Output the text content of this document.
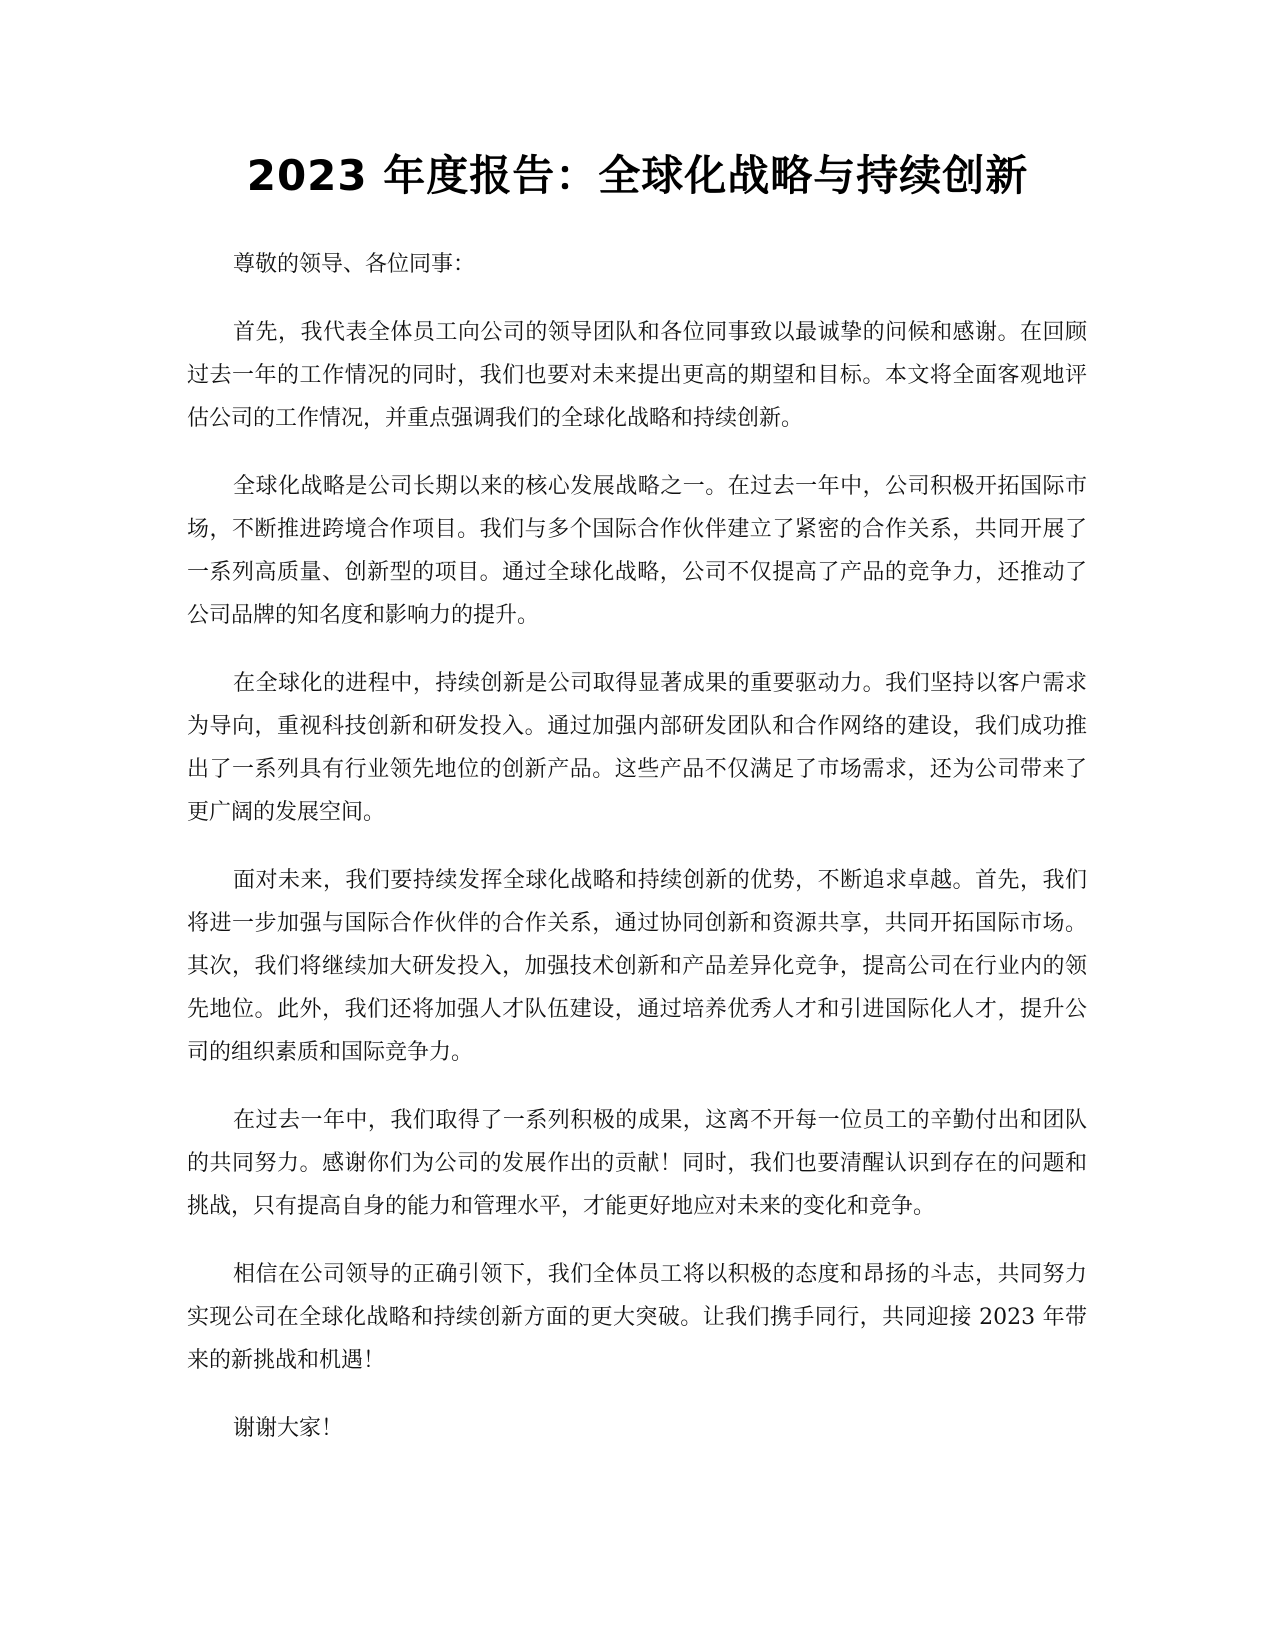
2023 年度报告：全球化战略与持续创新

尊敬的领导、各位同事：

首先，我代表全体员工向公司的领导团队和各位同事致以最诚挚的问候和感谢。在回顾过去一年的工作情况的同时，我们也要对未来提出更高的期望和目标。本文将全面客观地评估公司的工作情况，并重点强调我们的全球化战略和持续创新。

全球化战略是公司长期以来的核心发展战略之一。在过去一年中，公司积极开拓国际市场，不断推进跨境合作项目。我们与多个国际合作伙伴建立了紧密的合作关系，共同开展了一系列高质量、创新型的项目。通过全球化战略，公司不仅提高了产品的竞争力，还推动了公司品牌的知名度和影响力的提升。

在全球化的进程中，持续创新是公司取得显著成果的重要驱动力。我们坚持以客户需求为导向，重视科技创新和研发投入。通过加强内部研发团队和合作网络的建设，我们成功推出了一系列具有行业领先地位的创新产品。这些产品不仅满足了市场需求，还为公司带来了更广阔的发展空间。

面对未来，我们要持续发挥全球化战略和持续创新的优势，不断追求卓越。首先，我们将进一步加强与国际合作伙伴的合作关系，通过协同创新和资源共享，共同开拓国际市场。其次，我们将继续加大研发投入，加强技术创新和产品差异化竞争，提高公司在行业内的领先地位。此外，我们还将加强人才队伍建设，通过培养优秀人才和引进国际化人才，提升公司的组织素质和国际竞争力。

在过去一年中，我们取得了一系列积极的成果，这离不开每一位员工的辛勤付出和团队的共同努力。感谢你们为公司的发展作出的贡献！同时，我们也要清醒认识到存在的问题和挑战，只有提高自身的能力和管理水平，才能更好地应对未来的变化和竞争。

相信在公司领导的正确引领下，我们全体员工将以积极的态度和昂扬的斗志，共同努力实现公司在全球化战略和持续创新方面的更大突破。让我们携手同行，共同迎接 2023 年带来的新挑战和机遇！

谢谢大家！
